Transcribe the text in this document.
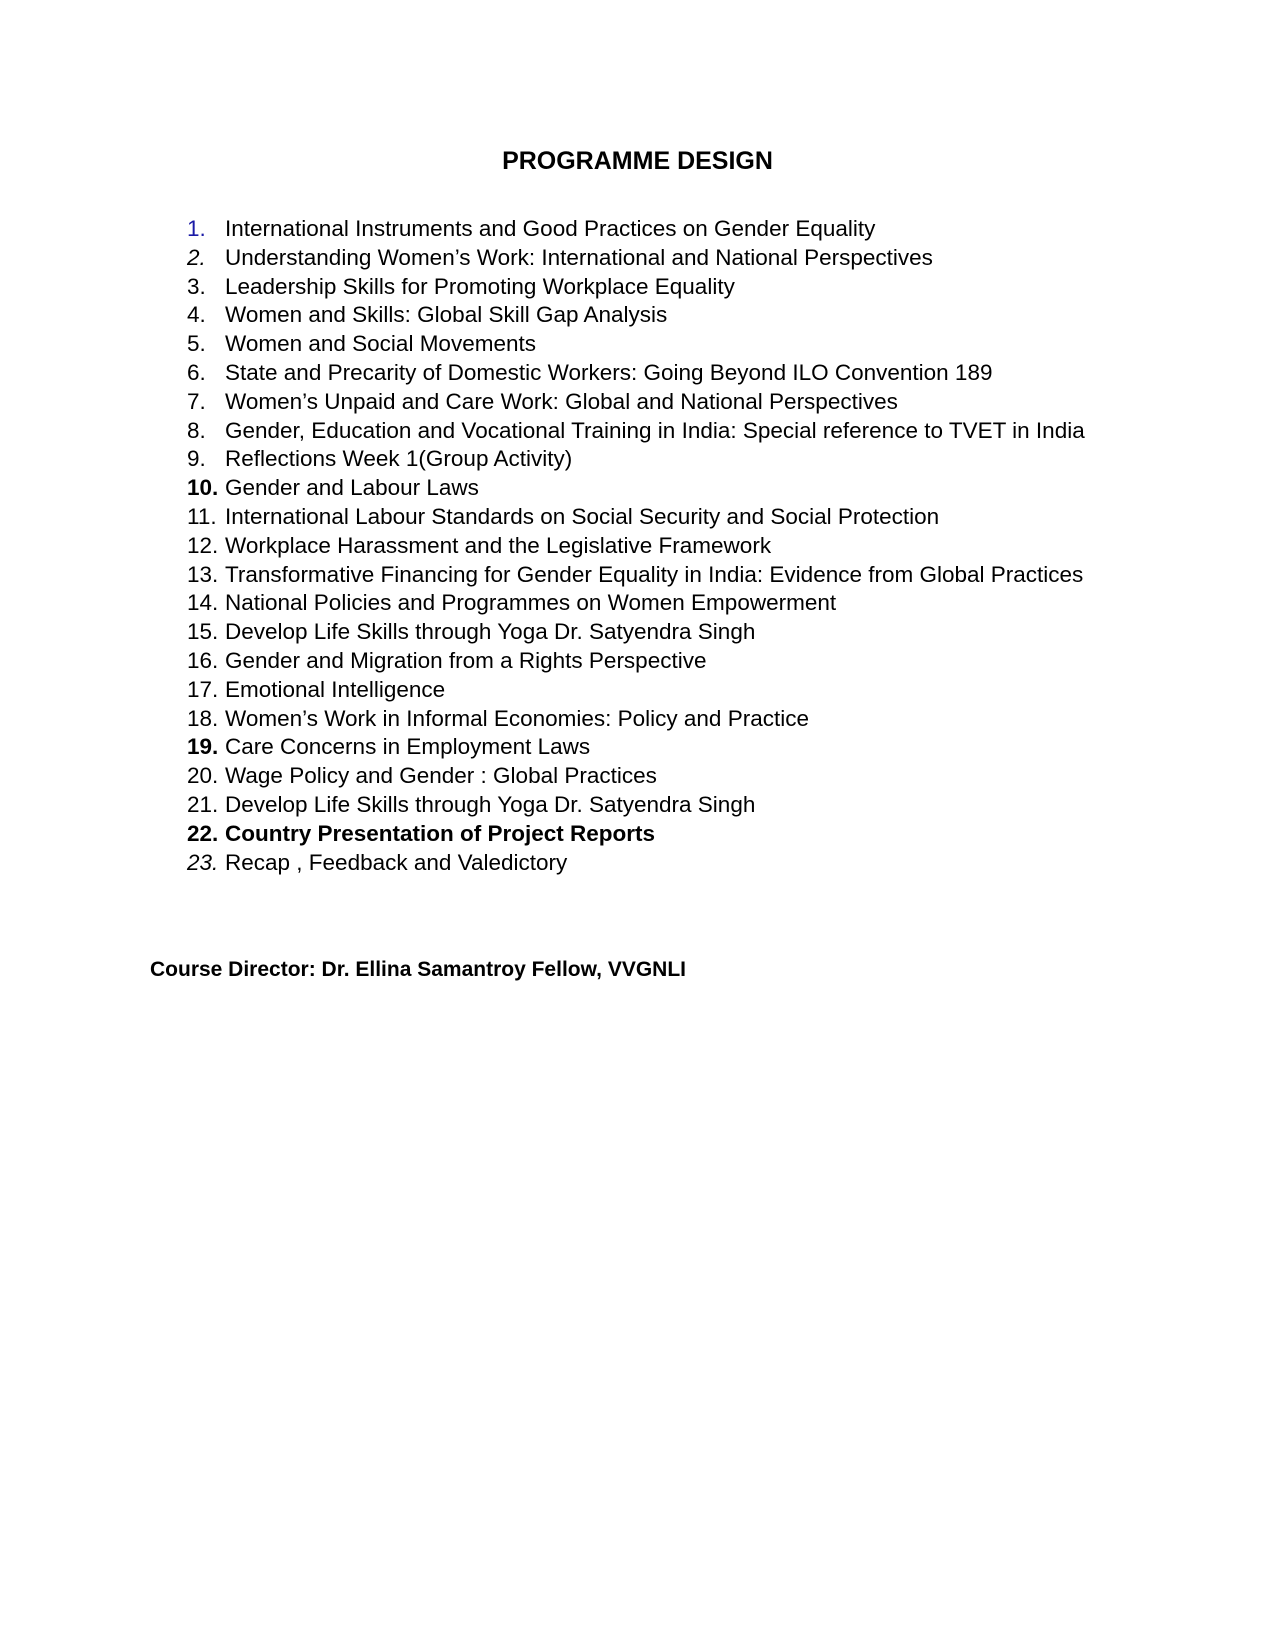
PROGRAMME DESIGN
1. International Instruments and Good Practices on Gender Equality
2. Understanding Women’s Work: International and National Perspectives
3. Leadership Skills for Promoting Workplace Equality
4. Women and Skills: Global Skill Gap Analysis
5. Women and Social Movements
6. State and Precarity of Domestic Workers: Going Beyond ILO Convention 189
7. Women’s Unpaid and Care Work: Global and National Perspectives
8. Gender, Education and Vocational Training in India: Special reference to TVET in India
9. Reflections Week 1(Group Activity)
10. Gender and Labour Laws
11. International Labour Standards on Social Security and Social Protection
12. Workplace Harassment and the Legislative Framework
13. Transformative Financing for Gender Equality in India: Evidence from Global Practices
14. National Policies and Programmes on Women Empowerment
15. Develop Life Skills through Yoga Dr. Satyendra Singh
16. Gender and Migration from a Rights Perspective
17. Emotional Intelligence
18. Women’s Work in Informal Economies: Policy and Practice
19. Care Concerns in Employment Laws
20. Wage Policy and Gender : Global Practices
21. Develop Life Skills through Yoga Dr. Satyendra Singh
22. Country Presentation of Project Reports
23. Recap , Feedback and Valedictory
Course Director: Dr. Ellina Samantroy Fellow, VVGNLI
